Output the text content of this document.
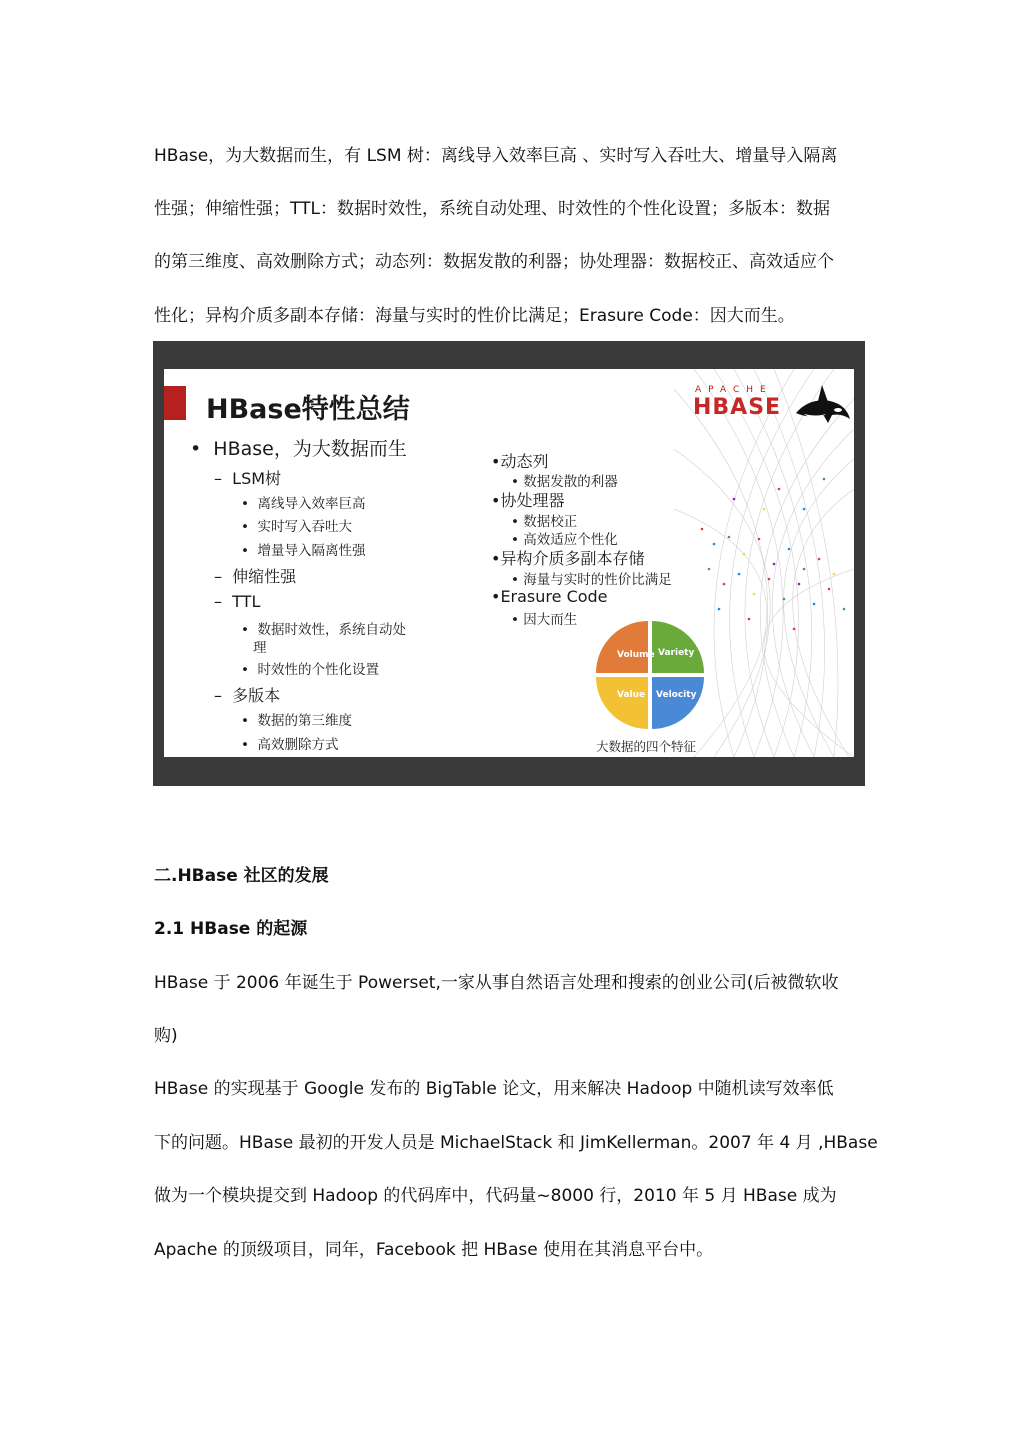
HBase，为大数据而生，有 LSM 树：离线导入效率巨高 、实时写入吞吐大、增量导入隔离
性强；伸缩性强；TTL：数据时效性，系统自动处理、时效性的个性化设置；多版本：数据
的第三维度、高效删除方式；动态列：数据发散的利器；协处理器：数据校正、高效适应个
性化；异构介质多副本存储：海量与实时的性价比满足；Erasure Code：因大而生。
HBase特性总结
APACHE
HBASE
•  HBase，为大数据而生
–  LSM树
•  离线导入效率巨高
•  实时写入吞吐大
•  增量导入隔离性强
–  伸缩性强
–  TTL
•  数据时效性，系统自动处
理
•  时效性的个性化设置
–  多版本
•  数据的第三维度
•  高效删除方式
•动态列
• 数据发散的利器
•协处理器
• 数据校正
• 高效适应个性化
•异构介质多副本存储
• 海量与实时的性价比满足
•Erasure Code
• 因大而生
Volume Variety
Value Velocity
大数据的四个特征
二.HBase 社区的发展
2.1 HBase 的起源
HBase 于 2006 年诞生于 Powerset,一家从事自然语言处理和搜索的创业公司(后被微软收
购)
HBase 的实现基于 Google 发布的 BigTable 论文，用来解决 Hadoop 中随机读写效率低
下的问题。HBase 最初的开发人员是 MichaelStack 和 JimKellerman。2007 年 4 月 ,HBase
做为一个模块提交到 Hadoop 的代码库中，代码量~8000 行，2010 年 5 月 HBase 成为
Apache 的顶级项目，同年，Facebook 把 HBase 使用在其消息平台中。
